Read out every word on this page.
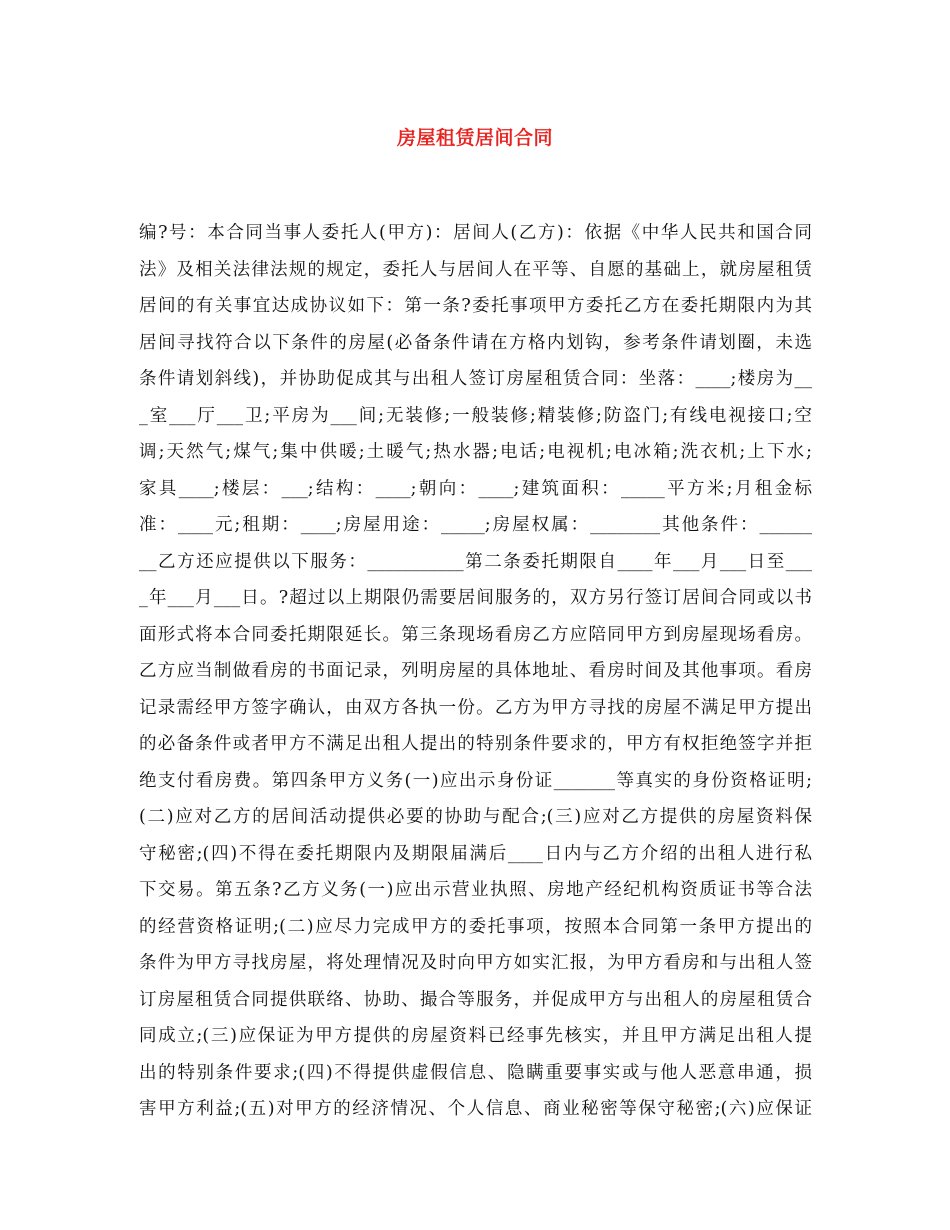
房屋租赁居间合同
编?号：本合同当事人委托人(甲方)：居间人(乙方)：依据《中华人民共和国合同
法》及相关法律法规的规定，委托人与居间人在平等、自愿的基础上，就房屋租赁
居间的有关事宜达成协议如下：第一条?委托事项甲方委托乙方在委托期限内为其
居间寻找符合以下条件的房屋(必备条件请在方格内划钩，参考条件请划圈，未选
条件请划斜线)，并协助促成其与出租人签订房屋租赁合同：坐落：____;楼房为__
_室___厅___卫;平房为___间;无装修;一般装修;精装修;防盗门;有线电视接口;空
调;天然气;煤气;集中供暖;土暖气;热水器;电话;电视机;电冰箱;洗衣机;上下水;
家具____;楼层：___;结构：____;朝向：____;建筑面积：_____平方米;月租金标
准：____元;租期：____;房屋用途：_____;房屋权属：________其他条件：______
__乙方还应提供以下服务：___________第二条委托期限自____年___月___日至___
_年___月___日。?超过以上期限仍需要居间服务的，双方另行签订居间合同或以书
面形式将本合同委托期限延长。第三条现场看房乙方应陪同甲方到房屋现场看房。
乙方应当制做看房的书面记录，列明房屋的具体地址、看房时间及其他事项。看房
记录需经甲方签字确认，由双方各执一份。乙方为甲方寻找的房屋不满足甲方提出
的必备条件或者甲方不满足出租人提出的特别条件要求的，甲方有权拒绝签字并拒
绝支付看房费。第四条甲方义务(一)应出示身份证_______等真实的身份资格证明;
(二)应对乙方的居间活动提供必要的协助与配合;(三)应对乙方提供的房屋资料保
守秘密;(四)不得在委托期限内及期限届满后____日内与乙方介绍的出租人进行私
下交易。第五条?乙方义务(一)应出示营业执照、房地产经纪机构资质证书等合法
的经营资格证明;(二)应尽力完成甲方的委托事项，按照本合同第一条甲方提出的
条件为甲方寻找房屋，将处理情况及时向甲方如实汇报，为甲方看房和与出租人签
订房屋租赁合同提供联络、协助、撮合等服务，并促成甲方与出租人的房屋租赁合
同成立;(三)应保证为甲方提供的房屋资料已经事先核实，并且甲方满足出租人提
出的特别条件要求;(四)不得提供虚假信息、隐瞒重要事实或与他人恶意串通，损
害甲方利益;(五)对甲方的经济情况、个人信息、商业秘密等保守秘密;(六)应保证
